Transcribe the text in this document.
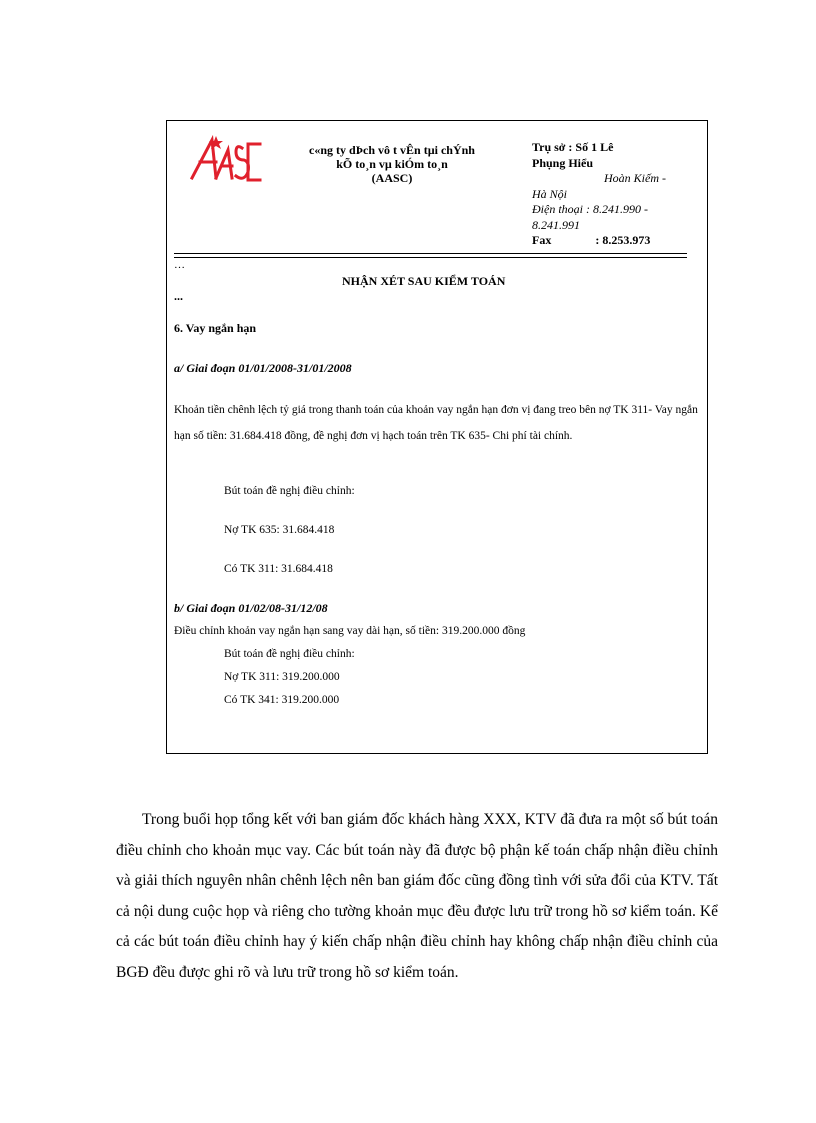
c«ng ty dÞch vô t vÊn tµi chÝnh
kÕ to¸n vµ kiÓm to¸n
(AASC)
Trụ sở : Số 1 Lê
Phụng Hiểu
Hoàn Kiếm -
Hà Nội
Điện thoại : 8.241.990 -
8.241.991
Fax	: 8.253.973
…
NHẬN XÉT SAU KIỂM TOÁN
...
6. Vay ngắn hạn
a/ Giai đoạn 01/01/2008-31/01/2008
Khoản tiền chênh lệch tỷ giá trong thanh toán của khoản vay ngắn hạn đơn vị đang treo bên nợ TK 311- Vay ngắn hạn số tiền: 31.684.418 đồng, đề nghị đơn vị hạch toán trên TK 635- Chi phí tài chính.
Bút toán đề nghị điều chỉnh:
Nợ TK 635: 31.684.418
Có TK 311: 31.684.418
b/ Giai đoạn 01/02/08-31/12/08
Điều chỉnh khoản vay ngắn hạn sang vay dài hạn, số tiền: 319.200.000 đồng
Bút toán đề nghị điều chỉnh:
Nợ TK 311: 319.200.000
Có TK 341: 319.200.000
Trong buổi họp tổng kết với ban giám đốc khách hàng XXX, KTV đã đưa ra một số bút toán điều chỉnh cho khoản mục vay. Các bút toán này đã được bộ phận kế toán chấp nhận điều chỉnh và giải thích nguyên nhân chênh lệch nên ban giám đốc cũng đồng tình với sửa đổi của KTV. Tất cả nội dung cuộc họp và riêng cho tường khoản mục đều được lưu trữ trong hồ sơ kiểm toán. Kể cả các bút toán điều chỉnh hay ý kiến chấp nhận điều chỉnh hay không chấp nhận điều chỉnh của BGĐ đều được ghi rõ và lưu trữ trong hồ sơ kiểm toán.
